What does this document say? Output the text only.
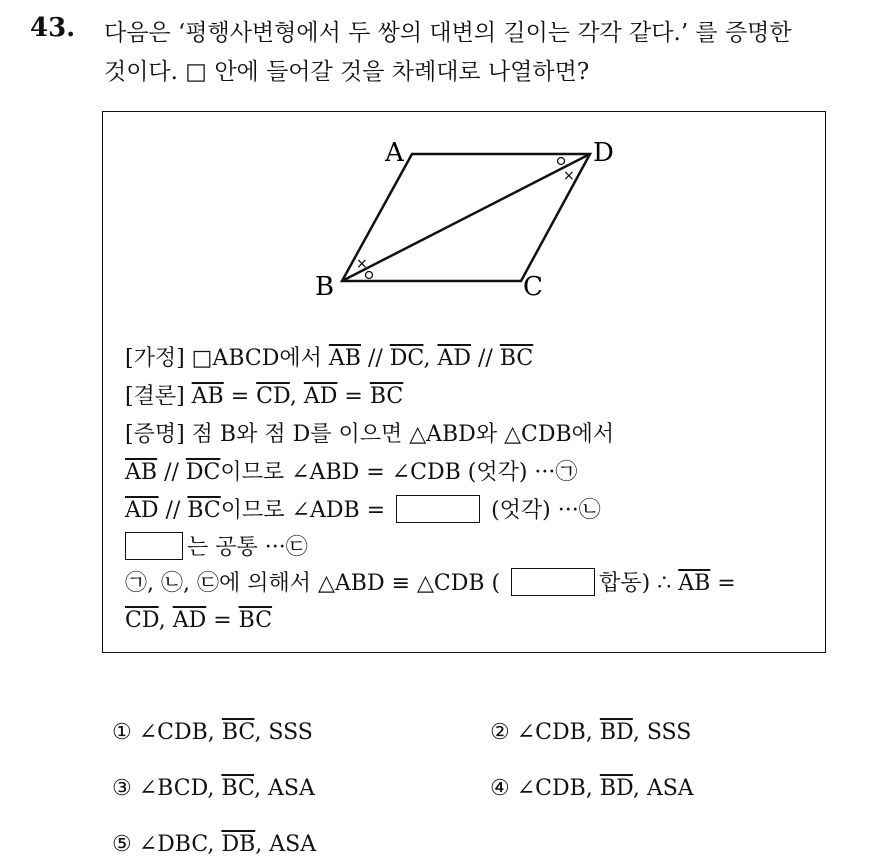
43. 다음은 ‘평행사변형에서 두 쌍의 대변의 길이는 각각 같다.’ 를 증명한
것이다. □ 안에 들어갈 것을 차례대로 나열하면?
A	D
B	C
×
×
[가정] □ABCD에서 $\overline{AB} // \overline{DC}$, $\overline{AD} // \overline{BC}$
[결론] $\overline{AB} = \overline{CD}$, $\overline{AD} = \overline{BC}$
[증명] 점 B와 점 D를 이으면 △ABD와 △CDB에서
$\overline{AB} // \overline{DC}$이므로 ∠ABD = ∠CDB (엇각) ···㉠
$\overline{AD} // \overline{BC}$이므로 ∠ADB =	(엇각) ···㉡
는 공통 ···㉢
㉠, ㉡, ㉢에 의해서 △ABD ≡ △CDB (	합동) ∴ $\overline{AB}$ =
$\overline{CD}$, $\overline{AD} = \overline{BC}$
① ∠CDB, $\overline{BC}$, SSS	② ∠CDB, $\overline{BD}$, SSS
③ ∠BCD, $\overline{BC}$, ASA	④ ∠CDB, $\overline{BD}$, ASA
⑤ ∠DBC, $\overline{DB}$, ASA
